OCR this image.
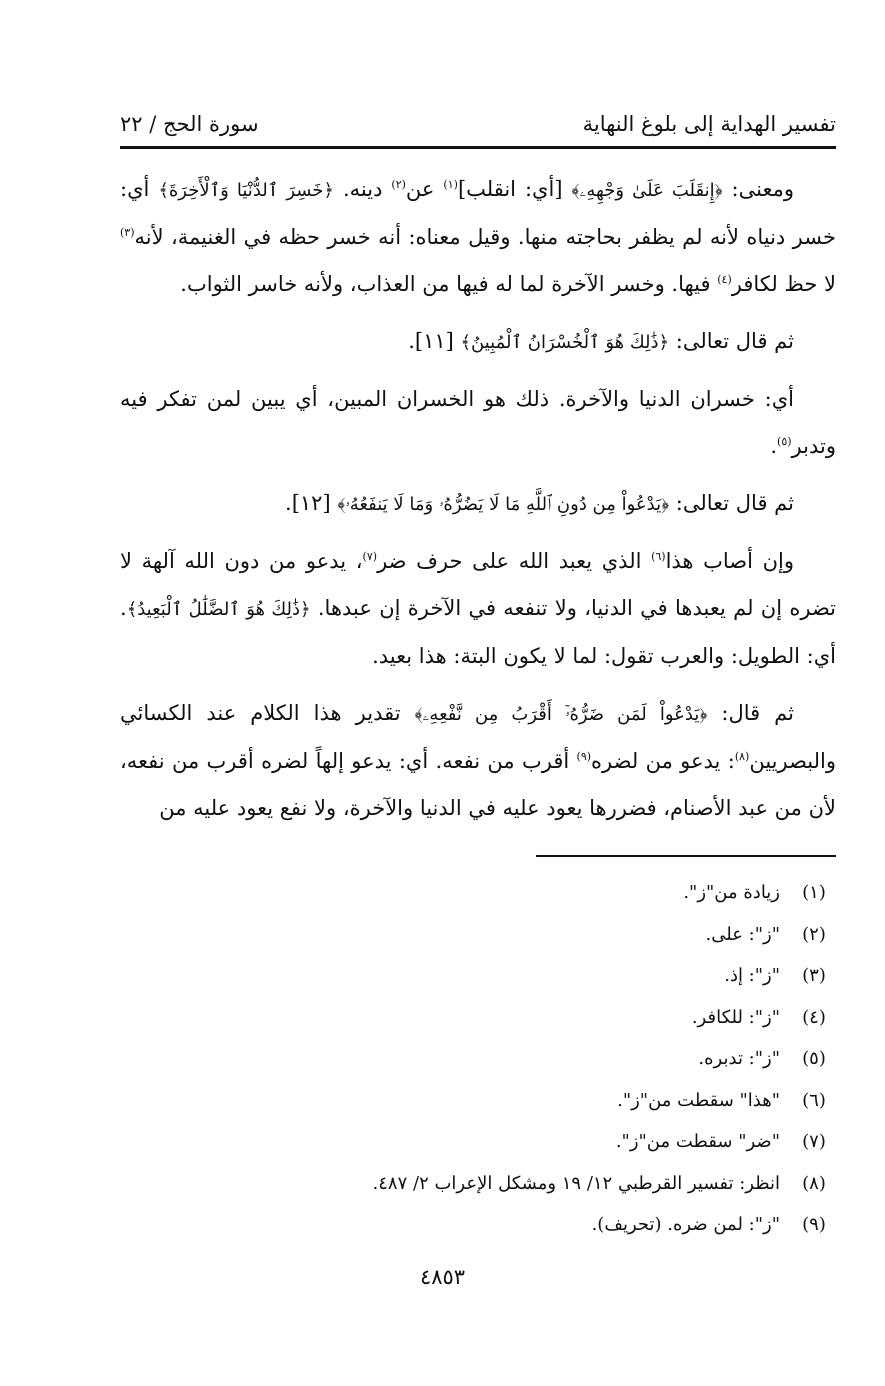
تفسير الهداية إلى بلوغ النهاية
سورة الحج / ٢٢

ومعنى: ﴿إِنقَلَبَ عَلَىٰ وَجْهِهِۦ﴾ [أي: انقلب]$^{(١)}$ عن$^{(٢)}$ دينه. ﴿خَسِرَ ٱلدُّنْيَا وَٱلْأَخِرَةَ﴾ أي: خسر دنياه لأنه لم يظفر بحاجته منها. وقيل معناه: أنه خسر حظه في الغنيمة، لأنه$^{(٣)}$ لا حظ لكافر$^{(٤)}$ فيها. وخسر الآخرة لما له فيها من العذاب، ولأنه خاسر الثواب.

ثم قال تعالى: ﴿ذَٰلِكَ هُوَ ٱلْخُسْرَانُ ٱلْمُبِينُ﴾ [١١].

أي: خسران الدنيا والآخرة. ذلك هو الخسران المبين، أي يبين لمن تفكر فيه وتدبر$^{(٥)}$.

ثم قال تعالى: ﴿يَدْعُواْ مِن دُونِ ٱللَّهِ مَا لَا يَضُرُّهُۥ وَمَا لَا يَنفَعُهُۥ﴾ [١٢].

وإن أصاب هذا$^{(٦)}$ الذي يعبد الله على حرف ضر$^{(٧)}$، يدعو من دون الله آلهة لا تضره إن لم يعبدها في الدنيا، ولا تنفعه في الآخرة إن عبدها. ﴿ذَٰلِكَ هُوَ ٱلضَّلَٰلُ ٱلْبَعِيدُ﴾. أي: الطويل: والعرب تقول: لما لا يكون البتة: هذا بعيد.

ثم قال: ﴿يَدْعُواْ لَمَن ضَرُّهُۥٓ أَقْرَبُ مِن نَّفْعِهِۦ﴾ تقدير هذا الكلام عند الكسائي والبصريين$^{(٨)}$: يدعو من لضره$^{(٩)}$ أقرب من نفعه. أي: يدعو إلهاً لضره أقرب من نفعه، لأن من عبد الأصنام، فضررها يعود عليه في الدنيا والآخرة، ولا نفع يعود عليه من

(١)زيادة من"ز".
(٢)"ز": على.
(٣)"ز": إذ.
(٤)"ز": للكافر.
(٥)"ز": تدبره.
(٦)"هذا" سقطت من"ز".
(٧)"ضر" سقطت من"ز".
(٨)انظر: تفسير القرطبي ١٢/ ١٩ ومشكل الإعراب ٢/ ٤٨٧.
(٩)"ز": لمن ضره. (تحريف).
٤٨٥٣
